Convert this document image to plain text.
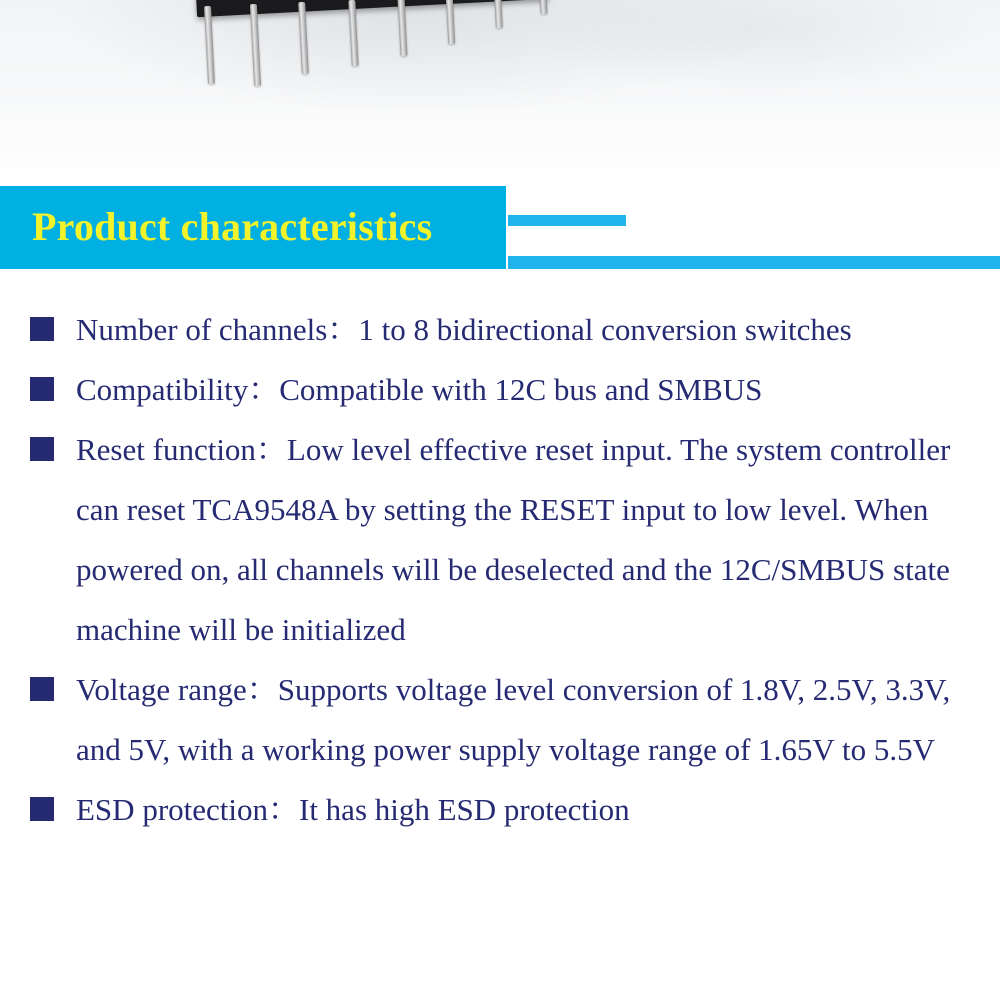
Product characteristics
Number of channels：1 to 8 bidirectional conversion switches
Compatibility：Compatible with 12C bus and SMBUS
Reset function：Low level effective reset input. The system controller can reset TCA9548A by setting the RESET input to low level. When powered on, all channels will be deselected and the 12C/SMBUS state machine will be initialized
Voltage range：Supports voltage level conversion of 1.8V, 2.5V, 3.3V, and 5V, with a working power supply voltage range of 1.65V to 5.5V
ESD protection：It has high ESD protection
